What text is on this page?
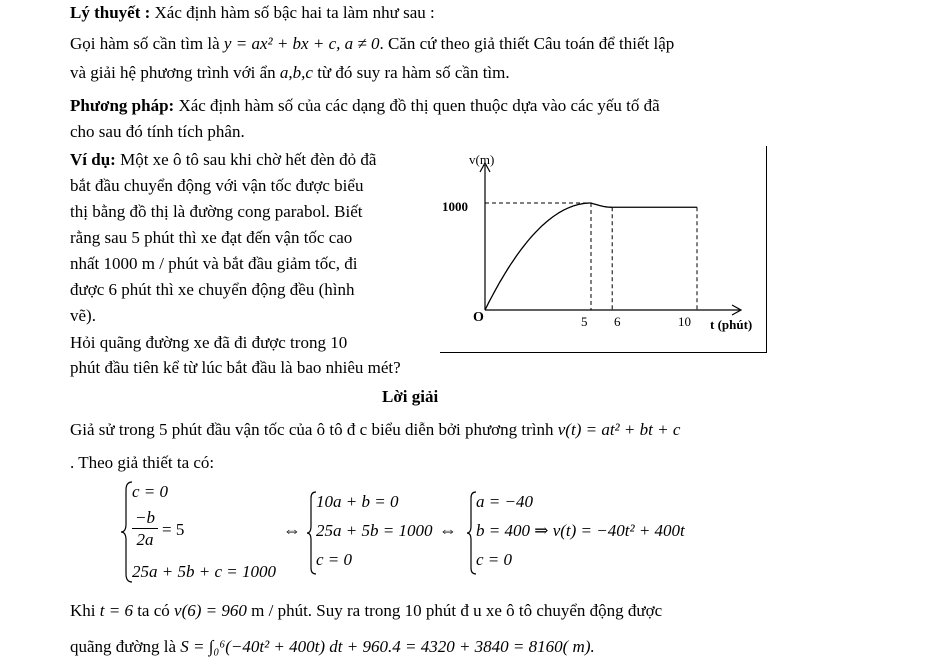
Lý thuyết : Xác định hàm số bậc hai ta làm như sau :
Gọi hàm số cần tìm là y = ax² + bx + c, a ≠ 0. Căn cứ theo giả thiết Câu toán để thiết lập
và giải hệ phương trình với ẩn a,b,c từ đó suy ra hàm số cần tìm.
Phương pháp: Xác định hàm số của các dạng đồ thị quen thuộc dựa vào các yếu tố đã
cho sau đó tính tích phân.
Ví dụ: Một xe ô tô sau khi chờ hết đèn đỏ đã
bắt đầu chuyển động với vận tốc được biểu
thị bằng đồ thị là đường cong parabol. Biết
rằng sau 5 phút thì xe đạt đến vận tốc cao
nhất 1000 m / phút và bắt đầu giảm tốc, đi
được 6 phút thì xe chuyển động đều (hình
vẽ).
Hỏi quãng đường xe đã đi được trong 10
phút đầu tiên kể từ lúc bắt đầu là bao nhiêu mét?
v(m)
t (phút)
O
1000
5 6	10
Lời giải
Giả sử trong 5 phút đầu vận tốc của ô tô đ c biểu diễn bởi phương trình v(t) = at² + bt + c
. Theo giả thiết ta có:
c = 0
−b
2a
= 5
25a + 5b + c = 1000
⇔
10a + b = 0
25a + 5b = 1000
c = 0
⇔
a = −40
b = 400 ⇒ v(t) = −40t² + 400t
c = 0
Khi t = 6 ta có v(6) = 960 m / phút. Suy ra trong 10 phút đ u xe ô tô chuyển động được
quãng đường là S = ∫₀⁶(−40t² + 400t) dt + 960.4 = 4320 + 3840 = 8160( m).
